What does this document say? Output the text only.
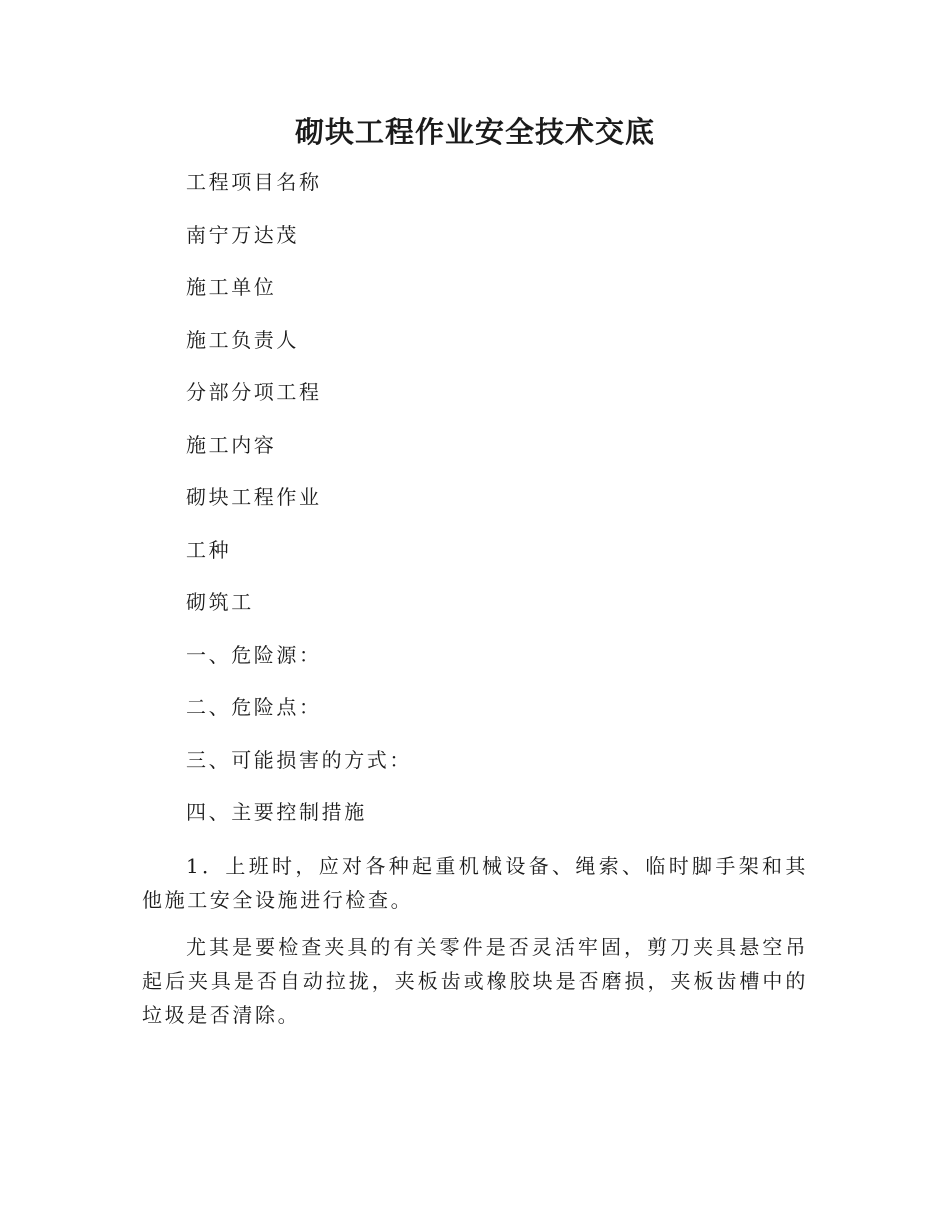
砌块工程作业安全技术交底

工程项目名称

南宁万达茂

施工单位

施工负责人

分部分项工程

施工内容

砌块工程作业

工种

砌筑工

一、危险源：

二、危险点：

三、可能损害的方式：

四、主要控制措施

1．上班时，应对各种起重机械设备、绳索、临时脚手架和其他施工安全设施进行检查。

尤其是要检查夹具的有关零件是否灵活牢固，剪刀夹具悬空吊起后夹具是否自动拉拢，夹板齿或橡胶块是否磨损，夹板齿槽中的垃圾是否清除。
